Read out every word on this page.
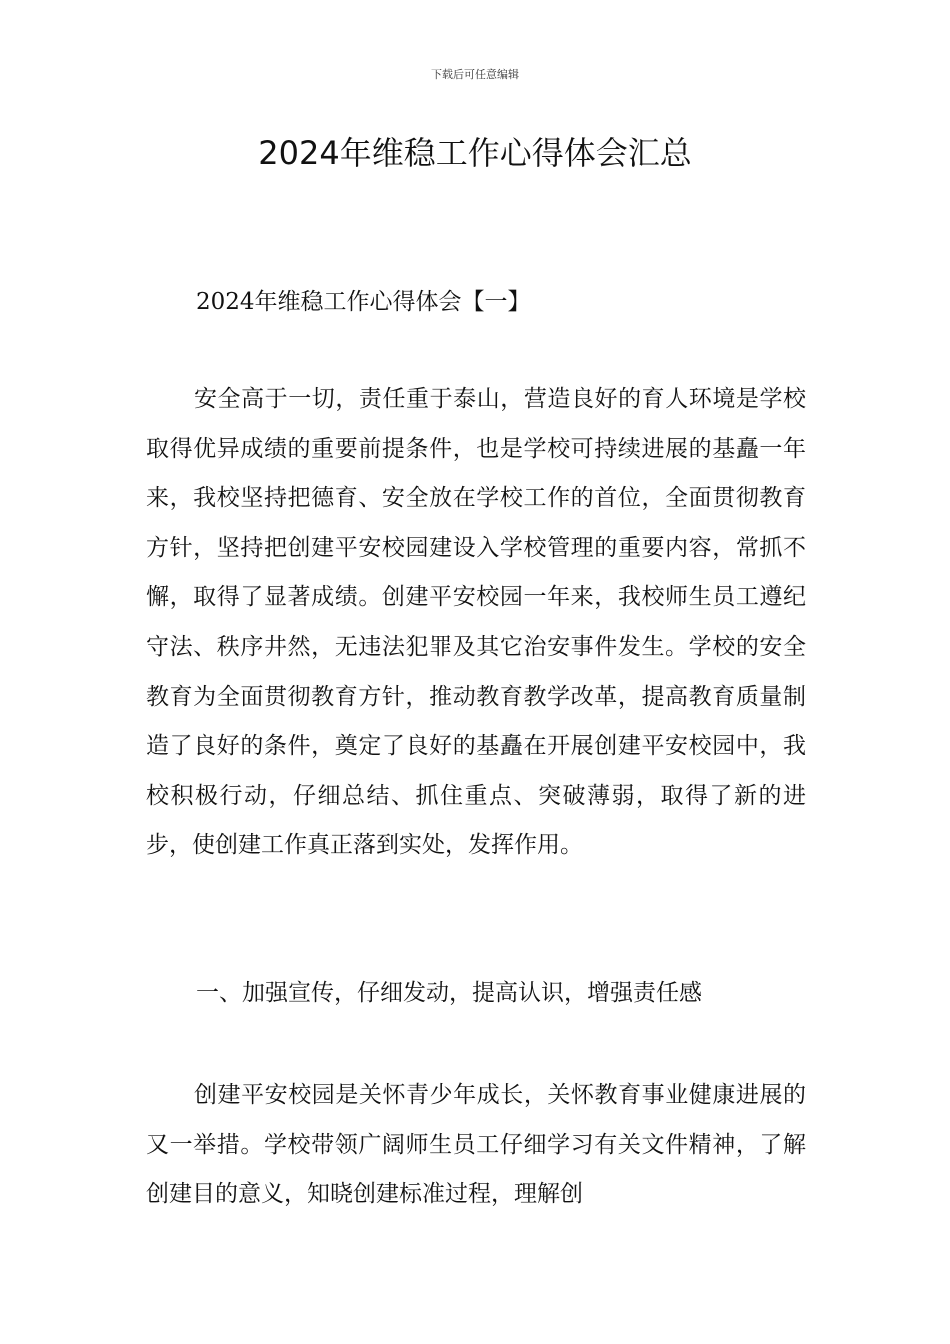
下载后可任意编辑
2024年维稳工作心得体会汇总
2024年维稳工作心得体会【一】

安全高于一切，责任重于泰山，营造良好的育人环境是学校取得优异成绩的重要前提条件，也是学校可持续进展的基矗一年来，我校坚持把德育、安全放在学校工作的首位，全面贯彻教育方针，坚持把创建平安校园建设入学校管理的重要内容，常抓不懈，取得了显著成绩。创建平安校园一年来，我校师生员工遵纪守法、秩序井然，无违法犯罪及其它治安事件发生。学校的安全教育为全面贯彻教育方针，推动教育教学改革，提高教育质量制造了良好的条件，奠定了良好的基矗在开展创建平安校园中，我校积极行动，仔细总结、抓住重点、突破薄弱，取得了新的进步，使创建工作真正落到实处，发挥作用。

一、加强宣传，仔细发动，提高认识，增强责任感

创建平安校园是关怀青少年成长，关怀教育事业健康进展的又一举措。学校带领广阔师生员工仔细学习有关文件精神，了解创建目的意义，知晓创建标准过程，理解创
